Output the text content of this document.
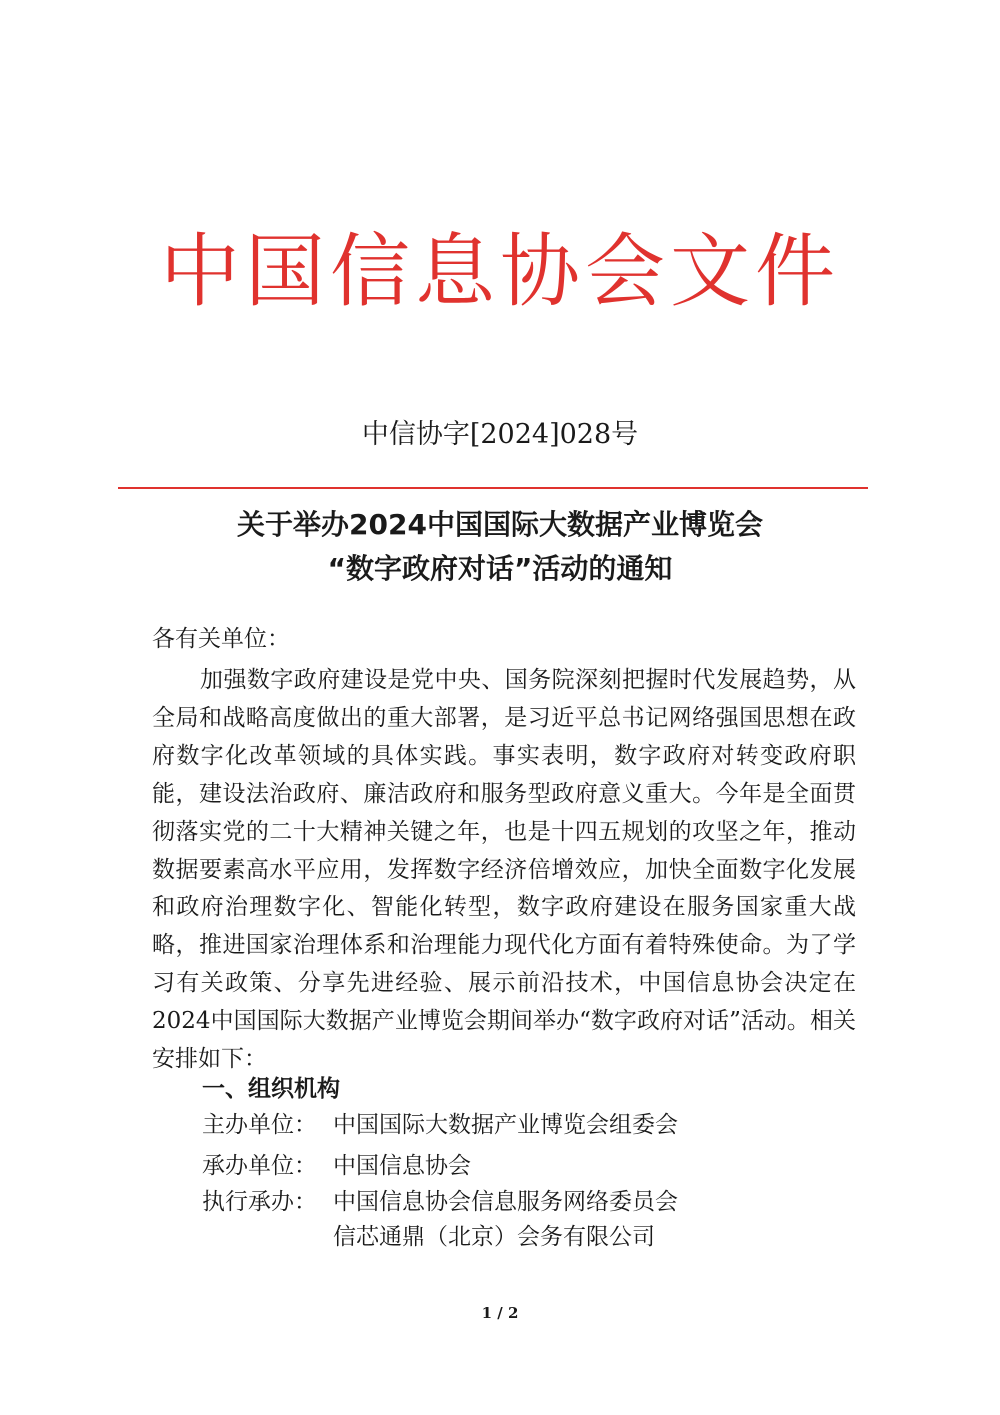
中国信息协会文件
中信协字[2024]028号
关于举办2024中国国际大数据产业博览会
“数字政府对话”活动的通知
各有关单位：
加强数字政府建设是党中央、国务院深刻把握时代发展趋势，从全局和战略高度做出的重大部署，是习近平总书记网络强国思想在政府数字化改革领域的具体实践。事实表明，数字政府对转变政府职能，建设法治政府、廉洁政府和服务型政府意义重大。今年是全面贯彻落实党的二十大精神关键之年，也是十四五规划的攻坚之年，推动数据要素高水平应用，发挥数字经济倍增效应，加快全面数字化发展和政府治理数字化、智能化转型，数字政府建设在服务国家重大战略，推进国家治理体系和治理能力现代化方面有着特殊使命。为了学习有关政策、分享先进经验、展示前沿技术，中国信息协会决定在2024中国国际大数据产业博览会期间举办“数字政府对话”活动。相关安排如下：
一、组织机构
主办单位： 中国国际大数据产业博览会组委会
承办单位： 中国信息协会
执行承办： 中国信息协会信息服务网络委员会
信芯通鼎（北京）会务有限公司
1 / 2
